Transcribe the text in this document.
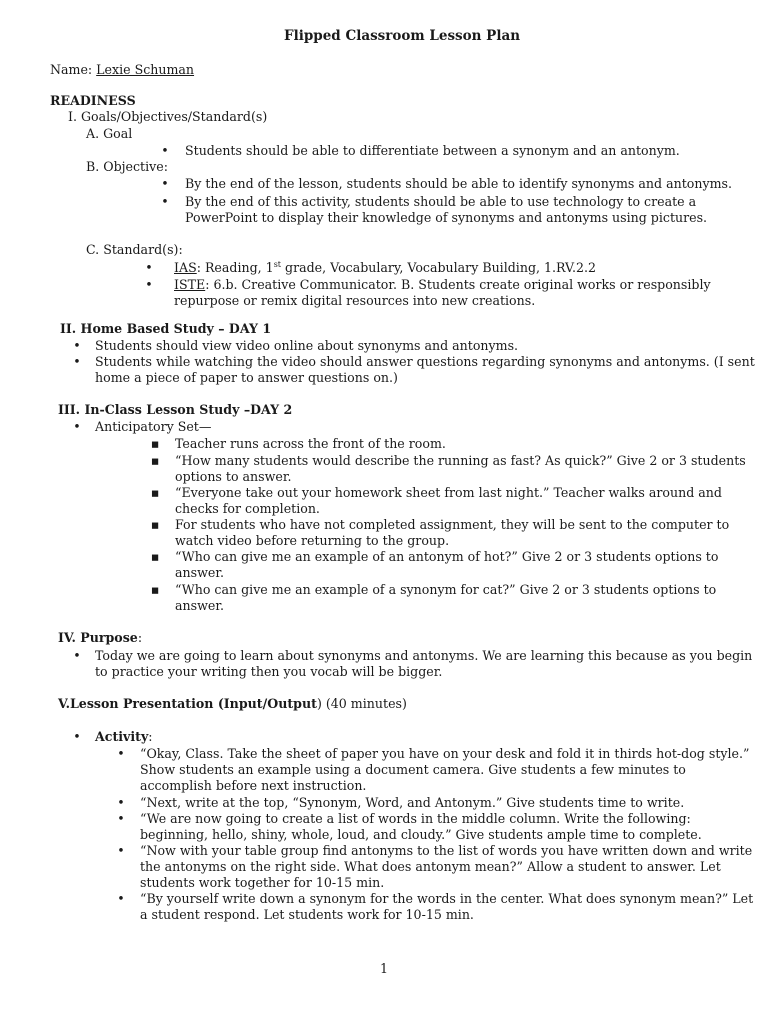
Flipped Classroom Lesson Plan
Name: Lexie Schuman
READINESS
I. Goals/Objectives/Standard(s)
A. Goal
• Students should be able to differentiate between a synonym and an antonym.
B. Objective:
• By the end of the lesson, students should be able to identify synonyms and antonyms.
• By the end of this activity, students should be able to use technology to create a
PowerPoint to display their knowledge of synonyms and antonyms using pictures.
C. Standard(s):
• IAS: Reading, 1st grade, Vocabulary, Vocabulary Building, 1.RV.2.2
• ISTE: 6.b. Creative Communicator. B. Students create original works or responsibly
repurpose or remix digital resources into new creations.
II. Home Based Study – DAY 1
• Students should view video online about synonyms and antonyms.
• Students while watching the video should answer questions regarding synonyms and antonyms. (I sent
home a piece of paper to answer questions on.)
III. In-Class Lesson Study –DAY 2
• Anticipatory Set—
▪ Teacher runs across the front of the room.
▪ “How many students would describe the running as fast? As quick?” Give 2 or 3 students
options to answer.
▪ “Everyone take out your homework sheet from last night.” Teacher walks around and
checks for completion.
▪ For students who have not completed assignment, they will be sent to the computer to
watch video before returning to the group.
▪ “Who can give me an example of an antonym of hot?” Give 2 or 3 students options to
answer.
▪ “Who can give me an example of a synonym for cat?” Give 2 or 3 students options to
answer.
IV. Purpose:
• Today we are going to learn about synonyms and antonyms. We are learning this because as you begin
to practice your writing then you vocab will be bigger.
V.Lesson Presentation (Input/Output) (40 minutes)
• Activity:
• “Okay, Class. Take the sheet of paper you have on your desk and fold it in thirds hot-dog style.”
Show students an example using a document camera. Give students a few minutes to
accomplish before next instruction.
• “Next, write at the top, “Synonym, Word, and Antonym.” Give students time to write.
• “We are now going to create a list of words in the middle column. Write the following:
beginning, hello, shiny, whole, loud, and cloudy.” Give students ample time to complete.
• “Now with your table group find antonyms to the list of words you have written down and write
the antonyms on the right side. What does antonym mean?” Allow a student to answer. Let
students work together for 10-15 min.
• “By yourself write down a synonym for the words in the center. What does synonym mean?” Let
a student respond. Let students work for 10-15 min.
1
